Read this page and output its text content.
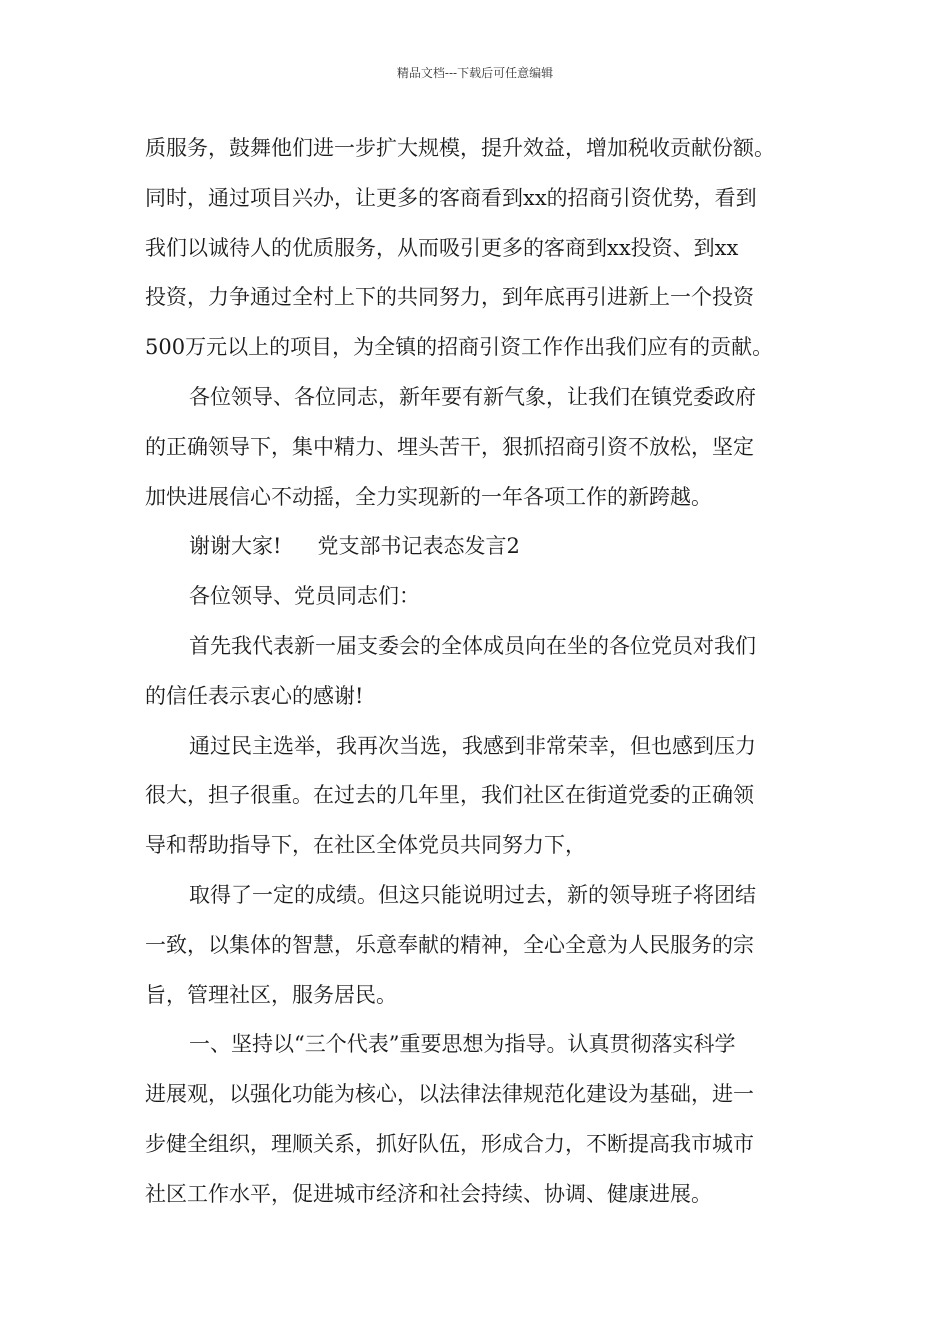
精品文档---下载后可任意编辑
质服务，鼓舞他们进一步扩大规模，提升效益，增加税收贡献份额。
同时，通过项目兴办，让更多的客商看到xx的招商引资优势，看到
我们以诚待人的优质服务，从而吸引更多的客商到xx投资、到xx
投资，力争通过全村上下的共同努力，到年底再引进新上一个投资
500万元以上的项目，为全镇的招商引资工作作出我们应有的贡献。
各位领导、各位同志，新年要有新气象，让我们在镇党委政府
的正确领导下，集中精力、埋头苦干，狠抓招商引资不放松，坚定
加快进展信心不动摇，全力实现新的一年各项工作的新跨越。
谢谢大家! 党支部书记表态发言2
各位领导、党员同志们：
首先我代表新一届支委会的全体成员向在坐的各位党员对我们
的信任表示衷心的感谢!
通过民主选举，我再次当选，我感到非常荣幸，但也感到压力
很大，担子很重。在过去的几年里，我们社区在街道党委的正确领
导和帮助指导下，在社区全体党员共同努力下，
取得了一定的成绩。但这只能说明过去，新的领导班子将团结
一致，以集体的智慧，乐意奉献的精神，全心全意为人民服务的宗
旨，管理社区，服务居民。
一、坚持以“三个代表”重要思想为指导。认真贯彻落实科学
进展观，以强化功能为核心，以法律法律规范化建设为基础，进一
步健全组织，理顺关系，抓好队伍，形成合力，不断提高我市城市
社区工作水平，促进城市经济和社会持续、协调、健康进展。
